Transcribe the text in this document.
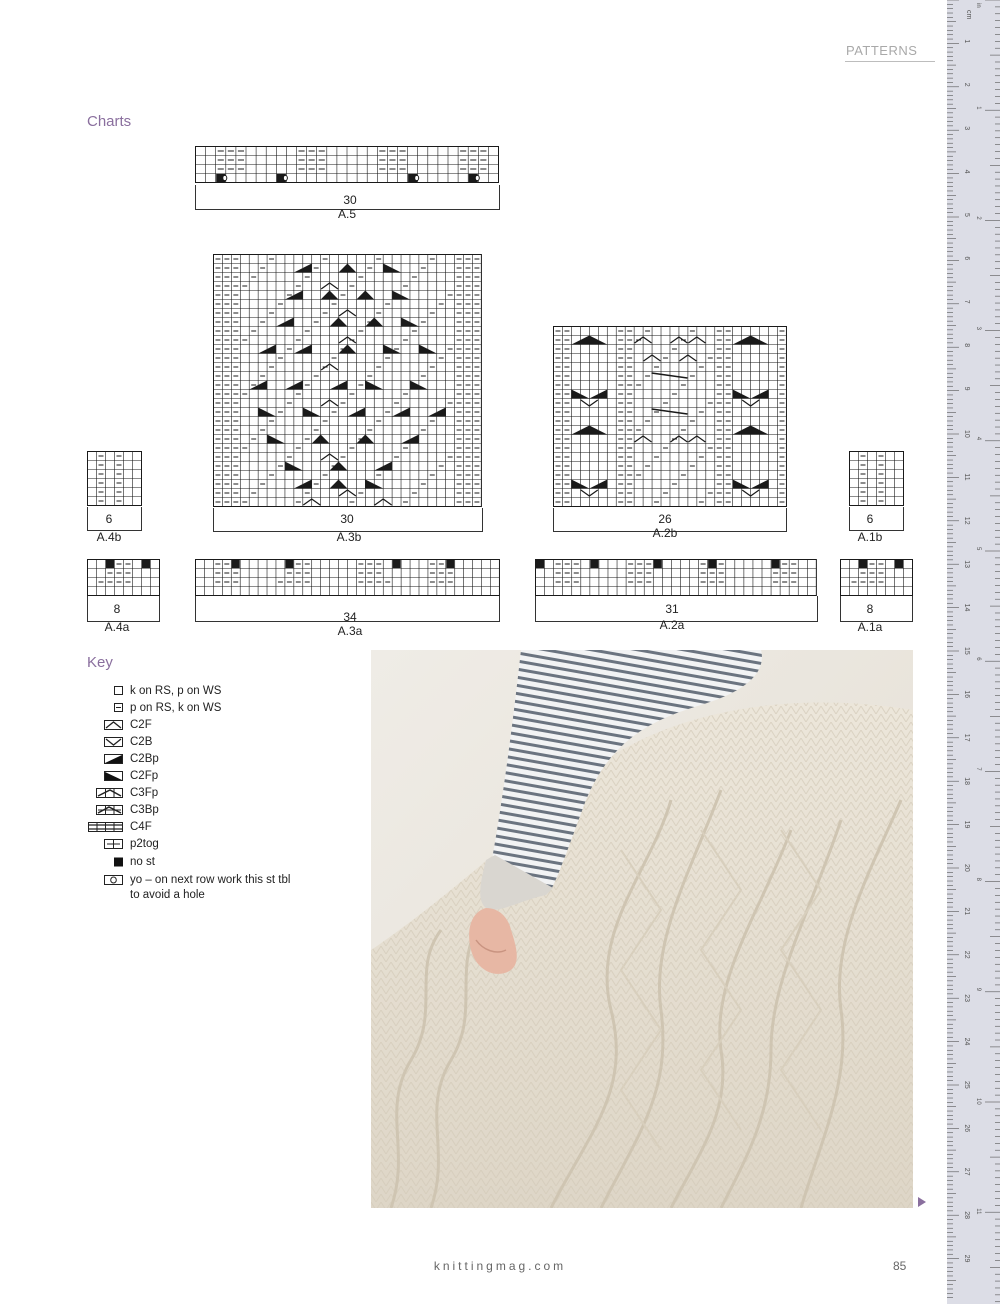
PATTERNS
Charts
30
A.5
30
A.3b
26
A.2b
6
A.4b
6
A.1b
8
A.4a
34
A.3a
31
A.2a
8
A.1a
Key
k on RS, p on WS
p on RS, k on WS
C2F
C2B
C2Bp
C2Fp
C3Fp
C3Bp
C4F
p2tog
no st
yo – on next row work this st tbl
to avoid a hole
knittingmag.com	85
cm
in
1
2
3
4
5
6
7
8
9
10
11
12
13
14
15
16
17
18
19
20
21
22
23
24
25
26
27
28
29
1
2
3
4
5
6
7
8
9
10
11
